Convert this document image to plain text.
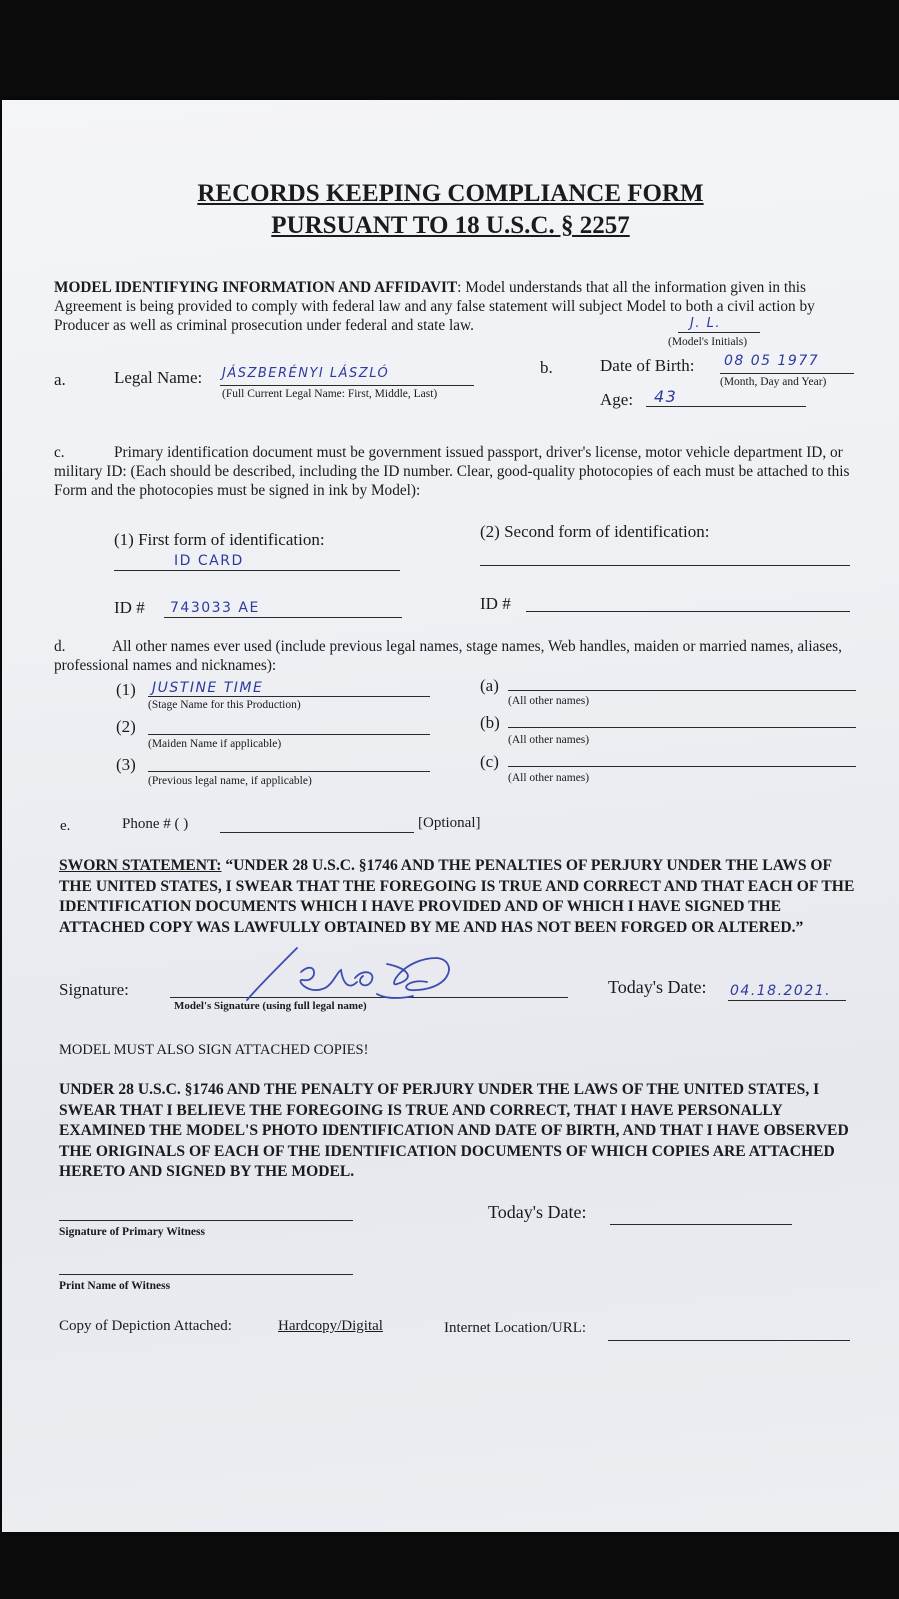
RECORDS KEEPING COMPLIANCE FORM
PURSUANT TO 18 U.S.C. § 2257
MODEL IDENTIFYING INFORMATION AND AFFIDAVIT: Model understands that all the information given in this Agreement is being provided to comply with federal law and any false statement will subject Model to both a civil action by Producer as well as criminal prosecution under federal and state law.	J. L.
(Model's Initials)
a.	Legal Name: JÁSZBERÉNYI LÁSZLÓ
(Full Current Legal Name: First, Middle, Last)
b.	Date of Birth: 08 05 1977
(Month, Day and Year)
Age: 43
c.	Primary identification document must be government issued passport, driver's license, motor vehicle department ID, or military ID: (Each should be described, including the ID number. Clear, good-quality photocopies of each must be attached to this Form and the photocopies must be signed in ink by Model):
(1) First form of identification:
ID CARD
(2) Second form of identification:
ID # 743033 AE	ID #
d.	All other names ever used (include previous legal names, stage names, Web handles, maiden or married names, aliases, professional names and nicknames):
(1) JUSTINE TIME
(Stage Name for this Production)
(2)
(Maiden Name if applicable)
(3)
(Previous legal name, if applicable)
(a)
(All other names)
(b)
(All other names)
(c)
(All other names)
e.	Phone # ( )	[Optional]
SWORN STATEMENT: “UNDER 28 U.S.C. §1746 AND THE PENALTIES OF PERJURY UNDER THE LAWS OF THE UNITED STATES, I SWEAR THAT THE FOREGOING IS TRUE AND CORRECT AND THAT EACH OF THE IDENTIFICATION DOCUMENTS WHICH I HAVE PROVIDED AND OF WHICH I HAVE SIGNED THE ATTACHED COPY WAS LAWFULLY OBTAINED BY ME AND HAS NOT BEEN FORGED OR ALTERED.”
Signature:
Model's Signature (using full legal name)
Today's Date: 04.18.2021.
MODEL MUST ALSO SIGN ATTACHED COPIES!
UNDER 28 U.S.C. §1746 AND THE PENALTY OF PERJURY UNDER THE LAWS OF THE UNITED STATES, I SWEAR THAT I BELIEVE THE FOREGOING IS TRUE AND CORRECT, THAT I HAVE PERSONALLY EXAMINED THE MODEL'S PHOTO IDENTIFICATION AND DATE OF BIRTH, AND THAT I HAVE OBSERVED THE ORIGINALS OF EACH OF THE IDENTIFICATION DOCUMENTS OF WHICH COPIES ARE ATTACHED HERETO AND SIGNED BY THE MODEL.
Signature of Primary Witness
Today's Date:
Print Name of Witness
Copy of Depiction Attached:	Hardcopy/Digital	Internet Location/URL:
